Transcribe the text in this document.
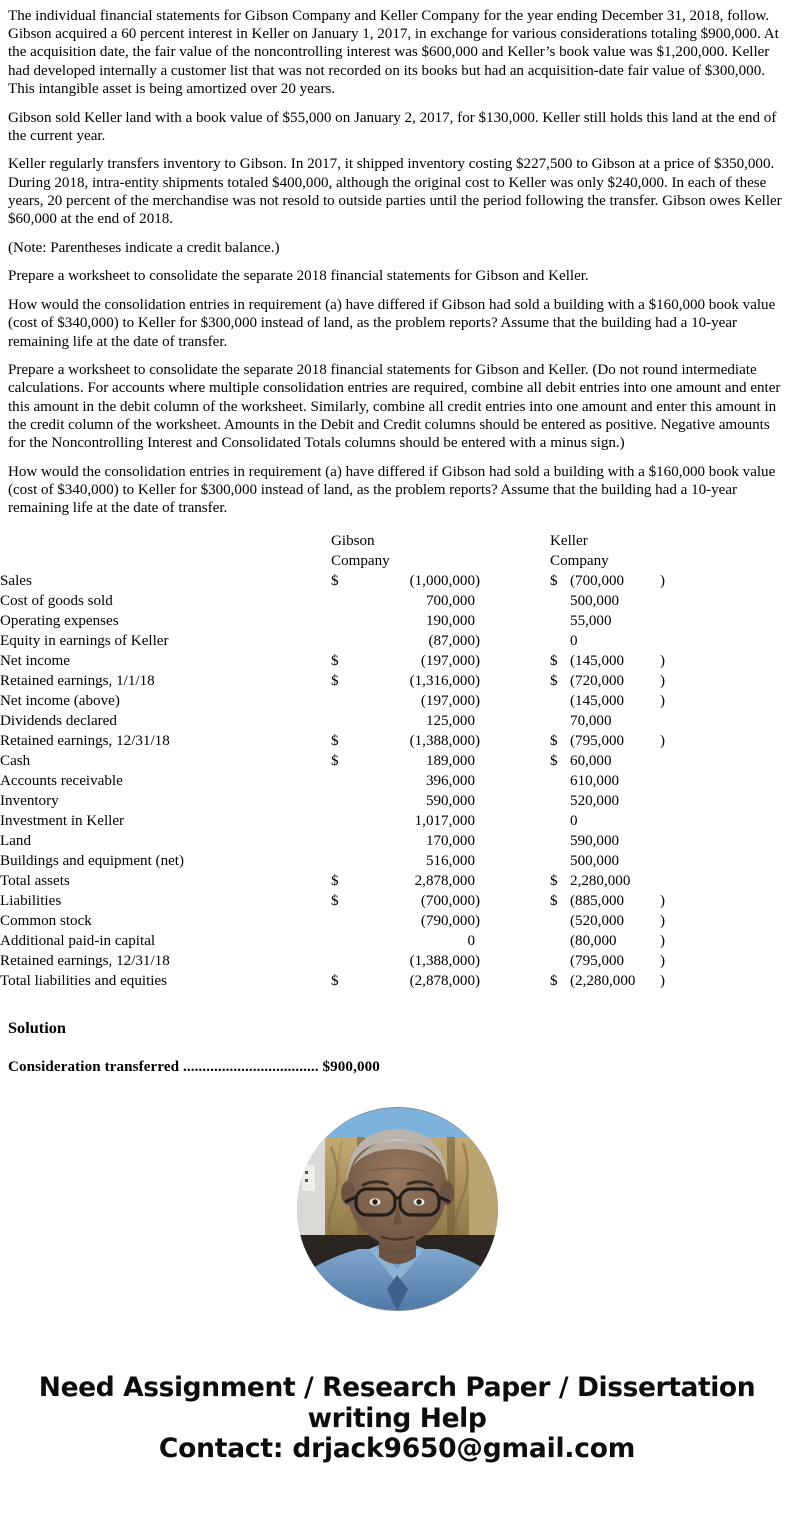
The individual financial statements for Gibson Company and Keller Company for the year ending December 31, 2018, follow. Gibson acquired a 60 percent interest in Keller on January 1, 2017, in exchange for various considerations totaling $900,000. At the acquisition date, the fair value of the noncontrolling interest was $600,000 and Keller’s book value was $1,200,000. Keller had developed internally a customer list that was not recorded on its books but had an acquisition-date fair value of $300,000. This intangible asset is being amortized over 20 years.

Gibson sold Keller land with a book value of $55,000 on January 2, 2017, for $130,000. Keller still holds this land at the end of the current year.

Keller regularly transfers inventory to Gibson. In 2017, it shipped inventory costing $227,500 to Gibson at a price of $350,000. During 2018, intra-entity shipments totaled $400,000, although the original cost to Keller was only $240,000. In each of these years, 20 percent of the merchandise was not resold to outside parties until the period following the transfer. Gibson owes Keller $60,000 at the end of 2018.

(Note: Parentheses indicate a credit balance.)

Prepare a worksheet to consolidate the separate 2018 financial statements for Gibson and Keller.

How would the consolidation entries in requirement (a) have differed if Gibson had sold a building with a $160,000 book value (cost of $340,000) to Keller for $300,000 instead of land, as the problem reports? Assume that the building had a 10-year remaining life at the date of transfer.

Prepare a worksheet to consolidate the separate 2018 financial statements for Gibson and Keller. (Do not round intermediate calculations. For accounts where multiple consolidation entries are required, combine all debit entries into one amount and enter this amount in the debit column of the worksheet. Similarly, combine all credit entries into one amount and enter this amount in the credit column of the worksheet. Amounts in the Debit and Credit columns should be entered as positive. Negative amounts for the Noncontrolling Interest and Consolidated Totals columns should be entered with a minus sign.)

How would the consolidation entries in requirement (a) have differed if Gibson had sold a building with a $160,000 book value (cost of $340,000) to Keller for $300,000 instead of land, as the problem reports? Assume that the building had a 10-year remaining life at the date of transfer.

	Gibson
Company				Keller
Company		

Sales	$	(1,000,000	)		$	(700,000	)
Cost of goods sold		700,000				500,000	
Operating expenses		190,000				55,000	
Equity in earnings of Keller		(87,000	)			0	
Net income	$	(197,000	)		$	(145,000	)
Retained earnings, 1/1/18	$	(1,316,000	)		$	(720,000	)
Net income (above)		(197,000	)			(145,000	)
Dividends declared		125,000				70,000	
Retained earnings, 12/31/18	$	(1,388,000	)		$	(795,000	)
Cash	$	189,000			$	60,000	
Accounts receivable		396,000				610,000	
Inventory		590,000				520,000	
Investment in Keller		1,017,000				0	
Land		170,000				590,000	
Buildings and equipment (net)		516,000				500,000	
Total assets	$	2,878,000			$	2,280,000	
Liabilities	$	(700,000	)		$	(885,000	)
Common stock		(790,000	)			(520,000	)
Additional paid-in capital		0				(80,000	)
Retained earnings, 12/31/18		(1,388,000	)			(795,000	)
Total liabilities and equities	$	(2,878,000	)		$	(2,280,000	)
Solution
Consideration transferred ................................... $900,000
Need Assignment / Research Paper / Dissertation
writing Help
Contact: drjack9650@gmail.com
